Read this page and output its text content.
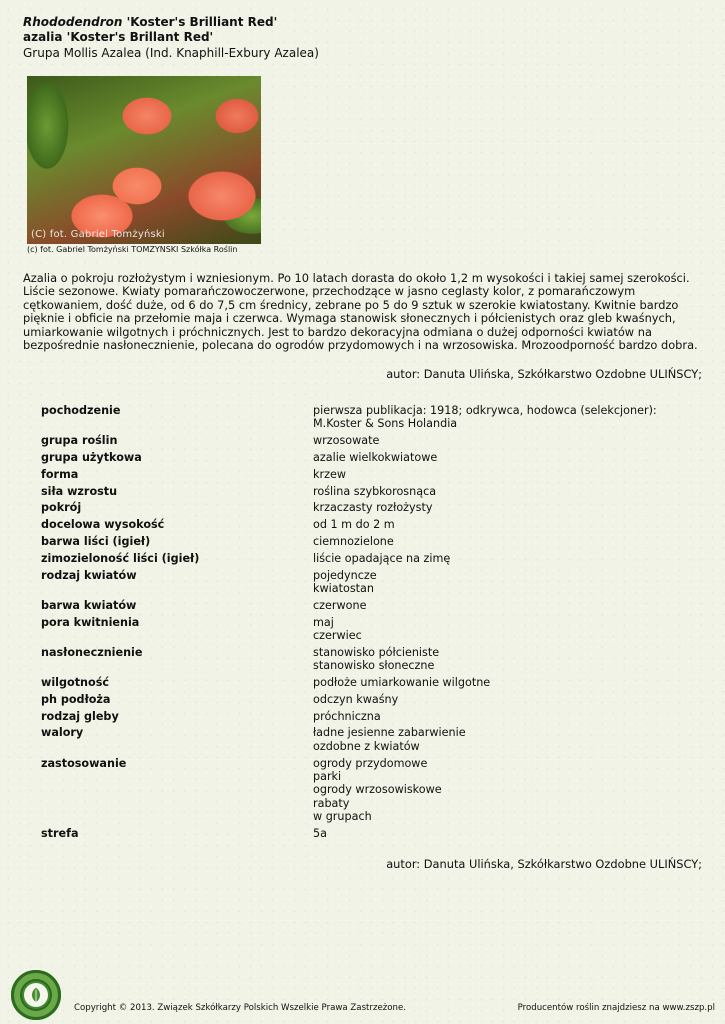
Rhododendron 'Koster's Brilliant Red'
azalia 'Koster's Brillant Red'
Grupa Mollis Azalea (Ind. Knaphill-Exbury Azalea)
(C) fot. Gabriel Tomżyński
(c) fot. Gabriel Tomżyński TOMZYNSKI Szkółka Roślin
Azalia o pokroju rozłożystym i wzniesionym. Po 10 latach dorasta do około 1,2 m wysokości i takiej samej szerokości. Liście sezonowe. Kwiaty pomarańczowoczerwone, przechodzące w jasno ceglasty kolor, z pomarańczowym cętkowaniem, dość duże, od 6 do 7,5 cm średnicy, zebrane po 5 do 9 sztuk w szerokie kwiatostany. Kwitnie bardzo pięknie i obficie na przełomie maja i czerwca. Wymaga stanowisk słonecznych i półcienistych oraz gleb kwaśnych, umiarkowanie wilgotnych i próchnicznych. Jest to bardzo dekoracyjna odmiana o dużej odporności kwiatów na bezpośrednie nasłonecznienie, polecana do ogrodów przydomowych i na wrzosowiska. Mrozoodporność bardzo dobra.
autor: Danuta Ulińska, Szkółkarstwo Ozdobne ULIŃSCY;
pochodzenie	pierwsza publikacja: 1918; odkrywca, hodowca (selekcjoner): M.Koster & Sons Holandia
grupa roślin	wrzosowate
grupa użytkowa	azalie wielkokwiatowe
forma	krzew
siła wzrostu	roślina szybkorosnąca
pokrój	krzaczasty rozłożysty
docelowa wysokość	od 1 m do 2 m
barwa liści (igieł)	ciemnozielone
zimozieloność liści (igieł)	liście opadające na zimę
rodzaj kwiatów	pojedyncze
kwiatostan
barwa kwiatów	czerwone
pora kwitnienia	maj
czerwiec
nasłonecznienie	stanowisko półcieniste
stanowisko słoneczne
wilgotność	podłoże umiarkowanie wilgotne
ph podłoża	odczyn kwaśny
rodzaj gleby	próchniczna
walory	ładne jesienne zabarwienie
ozdobne z kwiatów
zastosowanie	ogrody przydomowe
parki
ogrody wrzosowiskowe
rabaty
w grupach
strefa	5a
autor: Danuta Ulińska, Szkółkarstwo Ozdobne ULIŃSCY;
Copyright © 2013. Związek Szkółkarzy Polskich Wszelkie Prawa Zastrzeżone.	Producentów roślin znajdziesz na www.zszp.pl
